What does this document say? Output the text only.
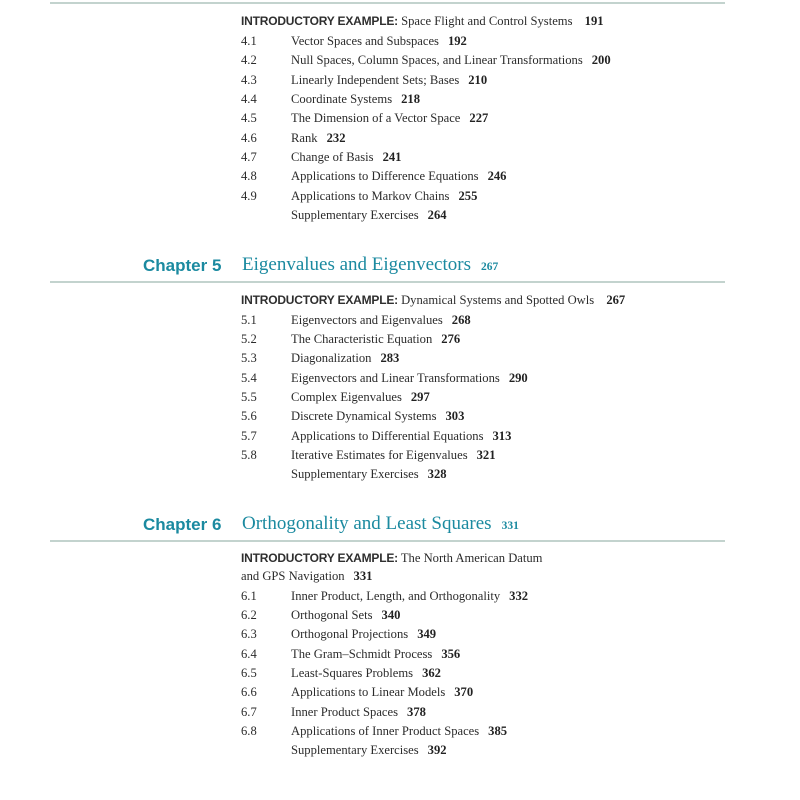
INTRODUCTORY EXAMPLE: Space Flight and Control Systems 191
4.1	Vector Spaces and Subspaces 192
4.2	Null Spaces, Column Spaces, and Linear Transformations 200
4.3	Linearly Independent Sets; Bases 210
4.4	Coordinate Systems 218
4.5	The Dimension of a Vector Space 227
4.6	Rank 232
4.7	Change of Basis 241
4.8	Applications to Difference Equations 246
4.9	Applications to Markov Chains 255
Supplementary Exercises 264
Chapter 5 Eigenvalues and Eigenvectors 267
INTRODUCTORY EXAMPLE: Dynamical Systems and Spotted Owls 267
5.1	Eigenvectors and Eigenvalues 268
5.2	The Characteristic Equation 276
5.3	Diagonalization 283
5.4	Eigenvectors and Linear Transformations 290
5.5	Complex Eigenvalues 297
5.6	Discrete Dynamical Systems 303
5.7	Applications to Differential Equations 313
5.8	Iterative Estimates for Eigenvalues 321
Supplementary Exercises 328
Chapter 6 Orthogonality and Least Squares 331
INTRODUCTORY EXAMPLE: The North American Datum
and GPS Navigation 331
6.1	Inner Product, Length, and Orthogonality 332
6.2	Orthogonal Sets 340
6.3	Orthogonal Projections 349
6.4	The Gram–Schmidt Process 356
6.5	Least-Squares Problems 362
6.6	Applications to Linear Models 370
6.7	Inner Product Spaces 378
6.8	Applications of Inner Product Spaces 385
Supplementary Exercises 392
